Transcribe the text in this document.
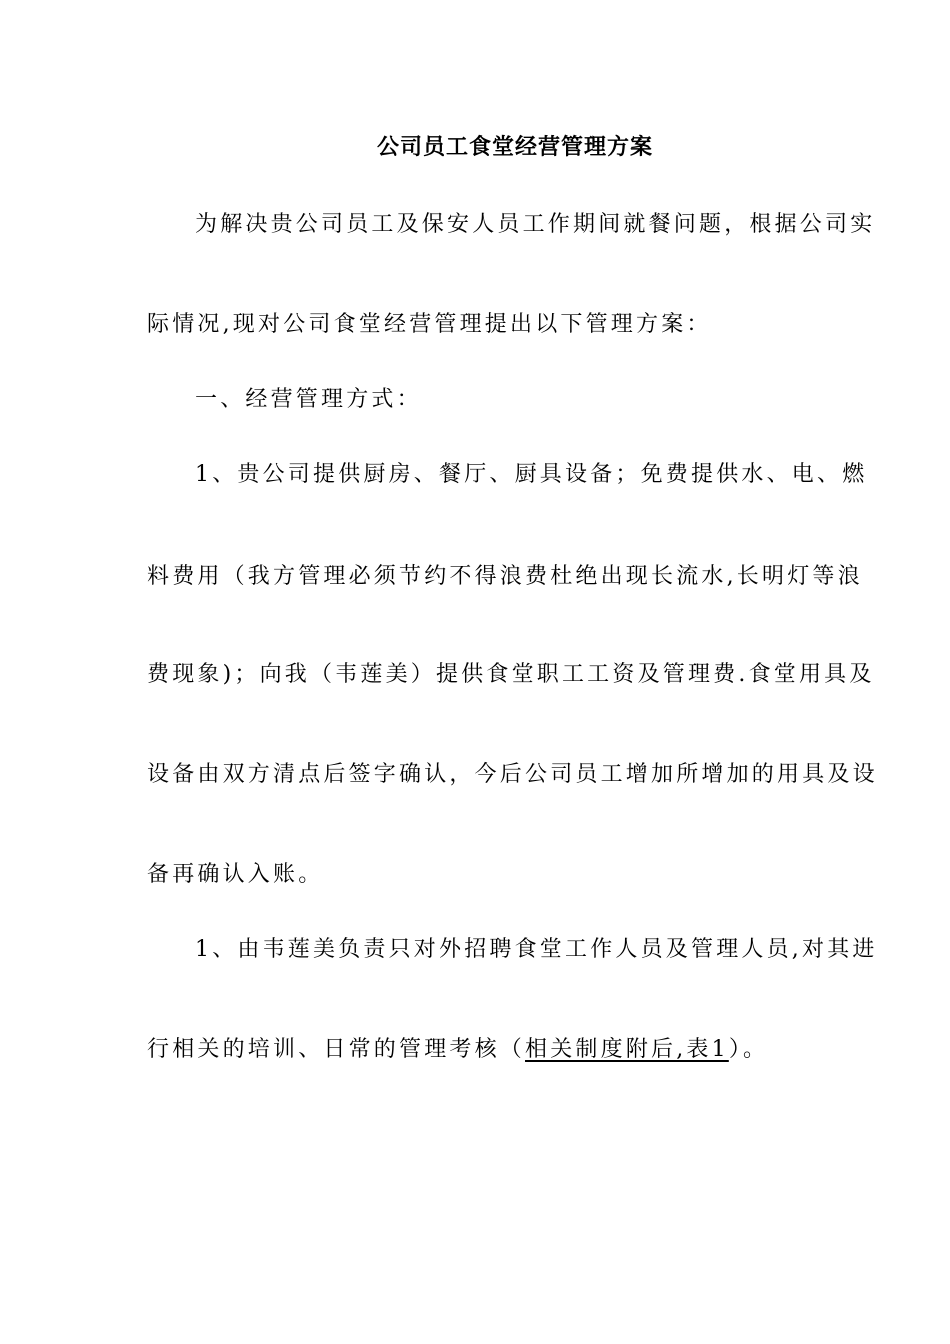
公司员工食堂经营管理方案
为解决贵公司员工及保安人员工作期间就餐问题，根据公司实
际情况,现对公司食堂经营管理提出以下管理方案：
一、经营管理方式：
1、贵公司提供厨房、餐厅、厨具设备；免费提供水、电、燃
料费用（我方管理必须节约不得浪费杜绝出现长流水,长明灯等浪
费现象)；向我（韦莲美）提供食堂职工工资及管理费.食堂用具及
设备由双方清点后签字确认，今后公司员工增加所增加的用具及设
备再确认入账。
1、由韦莲美负责只对外招聘食堂工作人员及管理人员,对其进
行相关的培训、日常的管理考核（相关制度附后,表1）。
